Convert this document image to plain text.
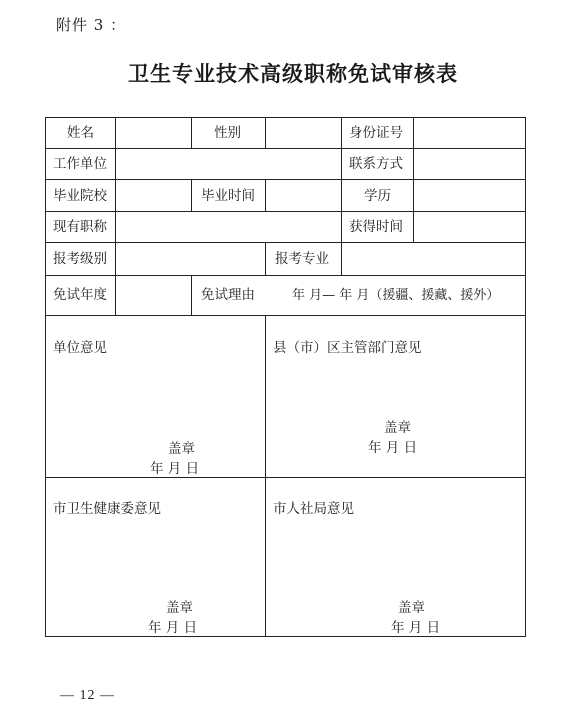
附件 3 ：
卫生专业技术高级职称免试审核表
姓名	性别	身份证号
工作单位	联系方式
毕业院校	毕业时间	学历
现有职称	获得时间
报考级别	报考专业
免试年度	免试理由	年 月— 年 月（援疆、援藏、援外）
单位意见
盖章
年 月 日
县（市）区主管部门意见
盖章
年 月 日
市卫生健康委意见
盖章
年 月 日
市人社局意见
盖章
年 月 日
— 12 —
